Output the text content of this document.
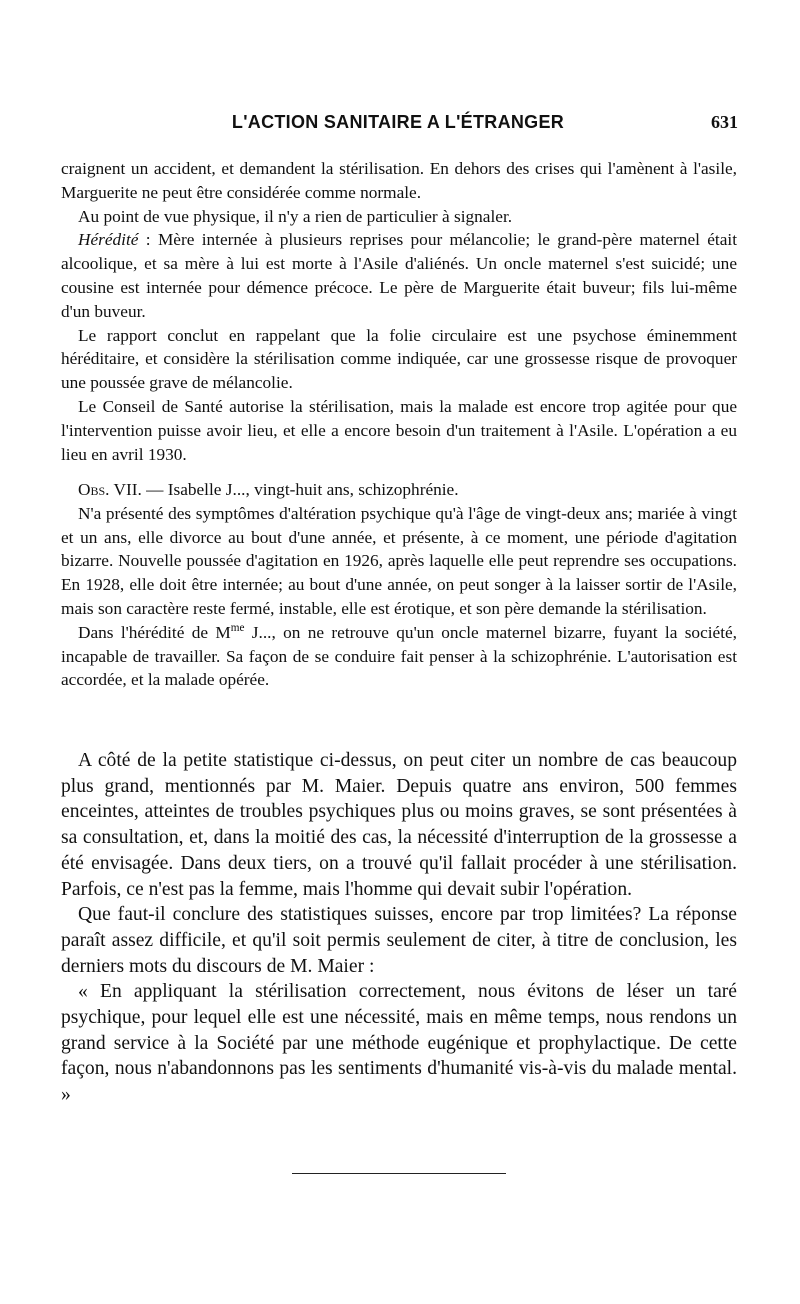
L'ACTION SANITAIRE A L'ÉTRANGER	631

craignent un accident, et demandent la stérilisation. En dehors des crises qui l'amènent à l'asile, Marguerite ne peut être considérée comme normale.

Au point de vue physique, il n'y a rien de particulier à signaler.

Hérédité : Mère internée à plusieurs reprises pour mélancolie; le grand-père maternel était alcoolique, et sa mère à lui est morte à l'Asile d'aliénés. Un oncle maternel s'est suicidé; une cousine est internée pour démence précoce. Le père de Marguerite était buveur; fils lui-même d'un buveur.

Le rapport conclut en rappelant que la folie circulaire est une psychose éminemment héréditaire, et considère la stérilisation comme indiquée, car une grossesse risque de provoquer une poussée grave de mélancolie.

Le Conseil de Santé autorise la stérilisation, mais la malade est encore trop agitée pour que l'intervention puisse avoir lieu, et elle a encore besoin d'un traitement à l'Asile. L'opération a eu lieu en avril 1930.

Obs. VII. — Isabelle J..., vingt-huit ans, schizophrénie.

N'a présenté des symptômes d'altération psychique qu'à l'âge de vingt-deux ans; mariée à vingt et un ans, elle divorce au bout d'une année, et présente, à ce moment, une période d'agitation bizarre. Nouvelle poussée d'agitation en 1926, après laquelle elle peut reprendre ses occupations. En 1928, elle doit être internée; au bout d'une année, on peut songer à la laisser sortir de l'Asile, mais son caractère reste fermé, instable, elle est érotique, et son père demande la stérilisation.

Dans l'hérédité de $M^{me}$ J..., on ne retrouve qu'un oncle maternel bizarre, fuyant la société, incapable de travailler. Sa façon de se conduire fait penser à la schizophrénie. L'autorisation est accordée, et la malade opérée.

A côté de la petite statistique ci-dessus, on peut citer un nombre de cas beaucoup plus grand, mentionnés par M. Maier. Depuis quatre ans environ, 500 femmes enceintes, atteintes de troubles psychiques plus ou moins graves, se sont présentées à sa consultation, et, dans la moitié des cas, la nécessité d'interruption de la grossesse a été envisagée. Dans deux tiers, on a trouvé qu'il fallait procéder à une stérilisation. Parfois, ce n'est pas la femme, mais l'homme qui devait subir l'opération.

Que faut-il conclure des statistiques suisses, encore par trop limitées? La réponse paraît assez difficile, et qu'il soit permis seulement de citer, à titre de conclusion, les derniers mots du discours de M. Maier :

« En appliquant la stérilisation correctement, nous évitons de léser un taré psychique, pour lequel elle est une nécessité, mais en même temps, nous rendons un grand service à la Société par une méthode eugénique et prophylactique. De cette façon, nous n'abandonnons pas les sentiments d'humanité vis-à-vis du malade mental. »
